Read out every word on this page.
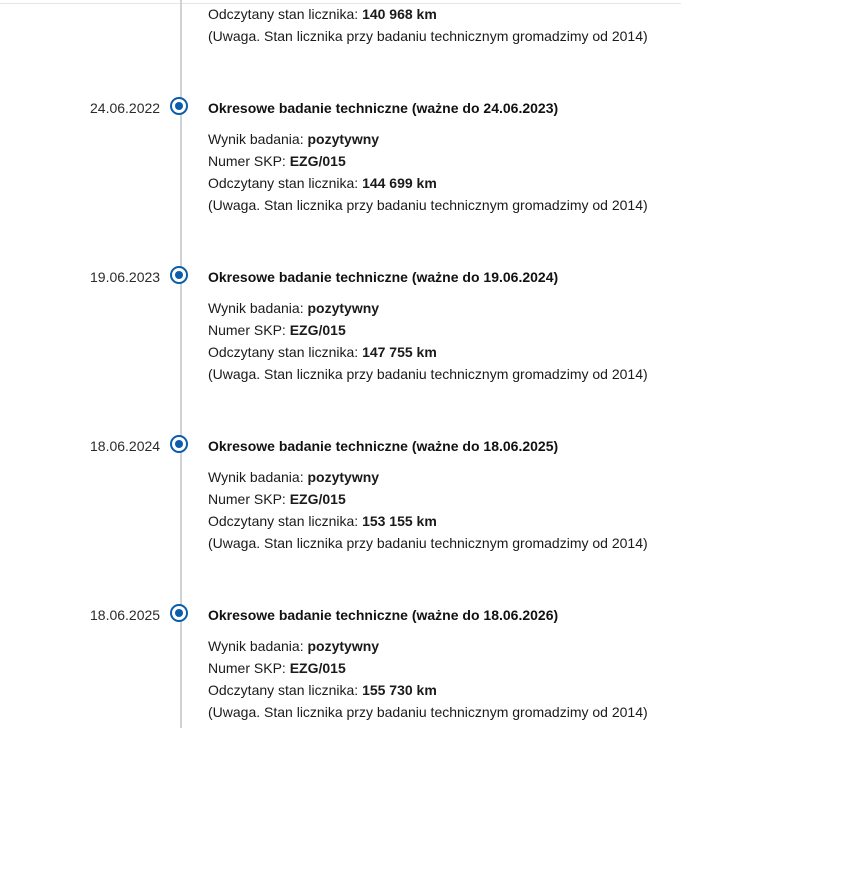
Odczytany stan licznika: 140 968 km
(Uwaga. Stan licznika przy badaniu technicznym gromadzimy od 2014)
24.06.2022	Okresowe badanie techniczne (ważne do 24.06.2023)
Wynik badania: pozytywny
Numer SKP: EZG/015
Odczytany stan licznika: 144 699 km
(Uwaga. Stan licznika przy badaniu technicznym gromadzimy od 2014)
19.06.2023	Okresowe badanie techniczne (ważne do 19.06.2024)
Wynik badania: pozytywny
Numer SKP: EZG/015
Odczytany stan licznika: 147 755 km
(Uwaga. Stan licznika przy badaniu technicznym gromadzimy od 2014)
18.06.2024	Okresowe badanie techniczne (ważne do 18.06.2025)
Wynik badania: pozytywny
Numer SKP: EZG/015
Odczytany stan licznika: 153 155 km
(Uwaga. Stan licznika przy badaniu technicznym gromadzimy od 2014)
18.06.2025	Okresowe badanie techniczne (ważne do 18.06.2026)
Wynik badania: pozytywny
Numer SKP: EZG/015
Odczytany stan licznika: 155 730 km
(Uwaga. Stan licznika przy badaniu technicznym gromadzimy od 2014)
